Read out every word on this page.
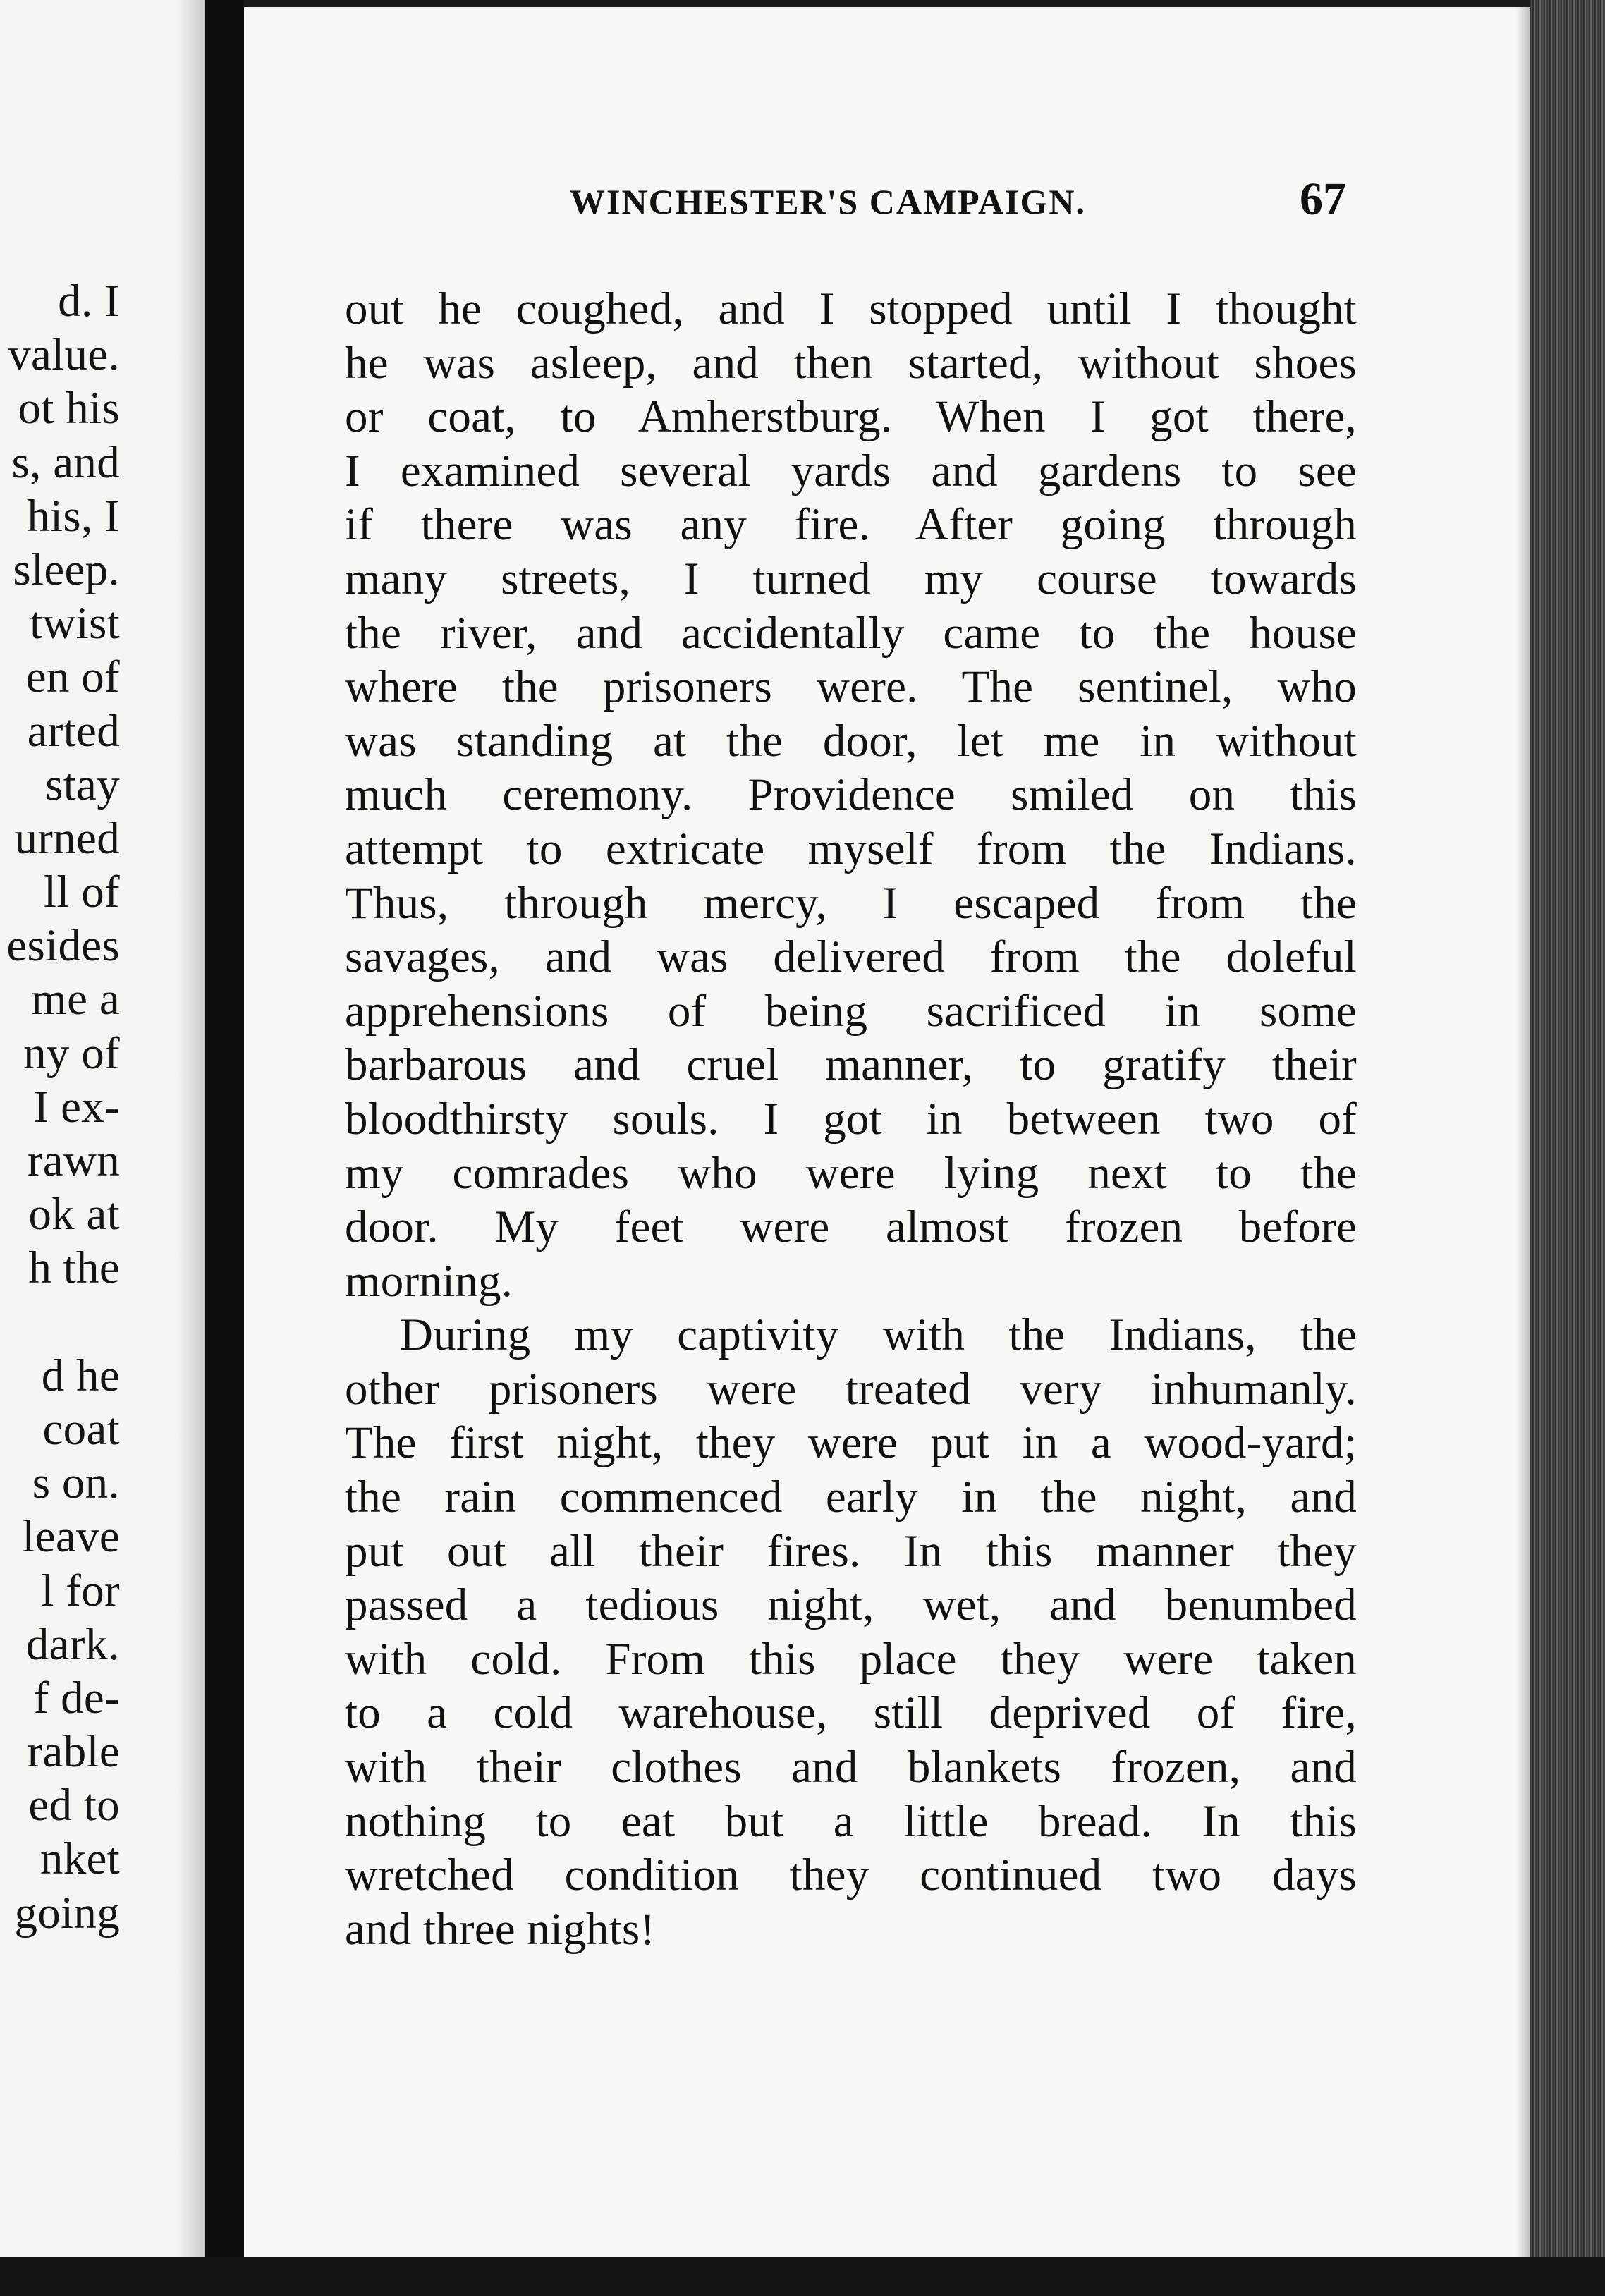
d. I
value.
ot his
s, and
his, I
sleep.
twist
en of
arted
stay
urned
ll of
esides
me a
ny of
I ex-
rawn
ok at
h the
d he
coat
s on.
leave
l for
dark.
f de-
rable
ed to
nket
going
WINCHESTER'S CAMPAIGN.	67
out he coughed, and I stopped until I thought
he was asleep, and then started, without shoes
or coat, to Amherstburg. When I got there,
I examined several yards and gardens to see
if there was any fire. After going through
many streets, I turned my course towards
the river, and accidentally came to the house
where the prisoners were. The sentinel, who
was standing at the door, let me in without
much ceremony. Providence smiled on this
attempt to extricate myself from the Indians.
Thus, through mercy, I escaped from the
savages, and was delivered from the doleful
apprehensions of being sacrificed in some
barbarous and cruel manner, to gratify their
bloodthirsty souls. I got in between two of
my comrades who were lying next to the
door. My feet were almost frozen before
morning.
During my captivity with the Indians, the
other prisoners were treated very inhumanly.
The first night, they were put in a wood-yard;
the rain commenced early in the night, and
put out all their fires. In this manner they
passed a tedious night, wet, and benumbed
with cold. From this place they were taken
to a cold warehouse, still deprived of fire,
with their clothes and blankets frozen, and
nothing to eat but a little bread. In this
wretched condition they continued two days
and three nights!
